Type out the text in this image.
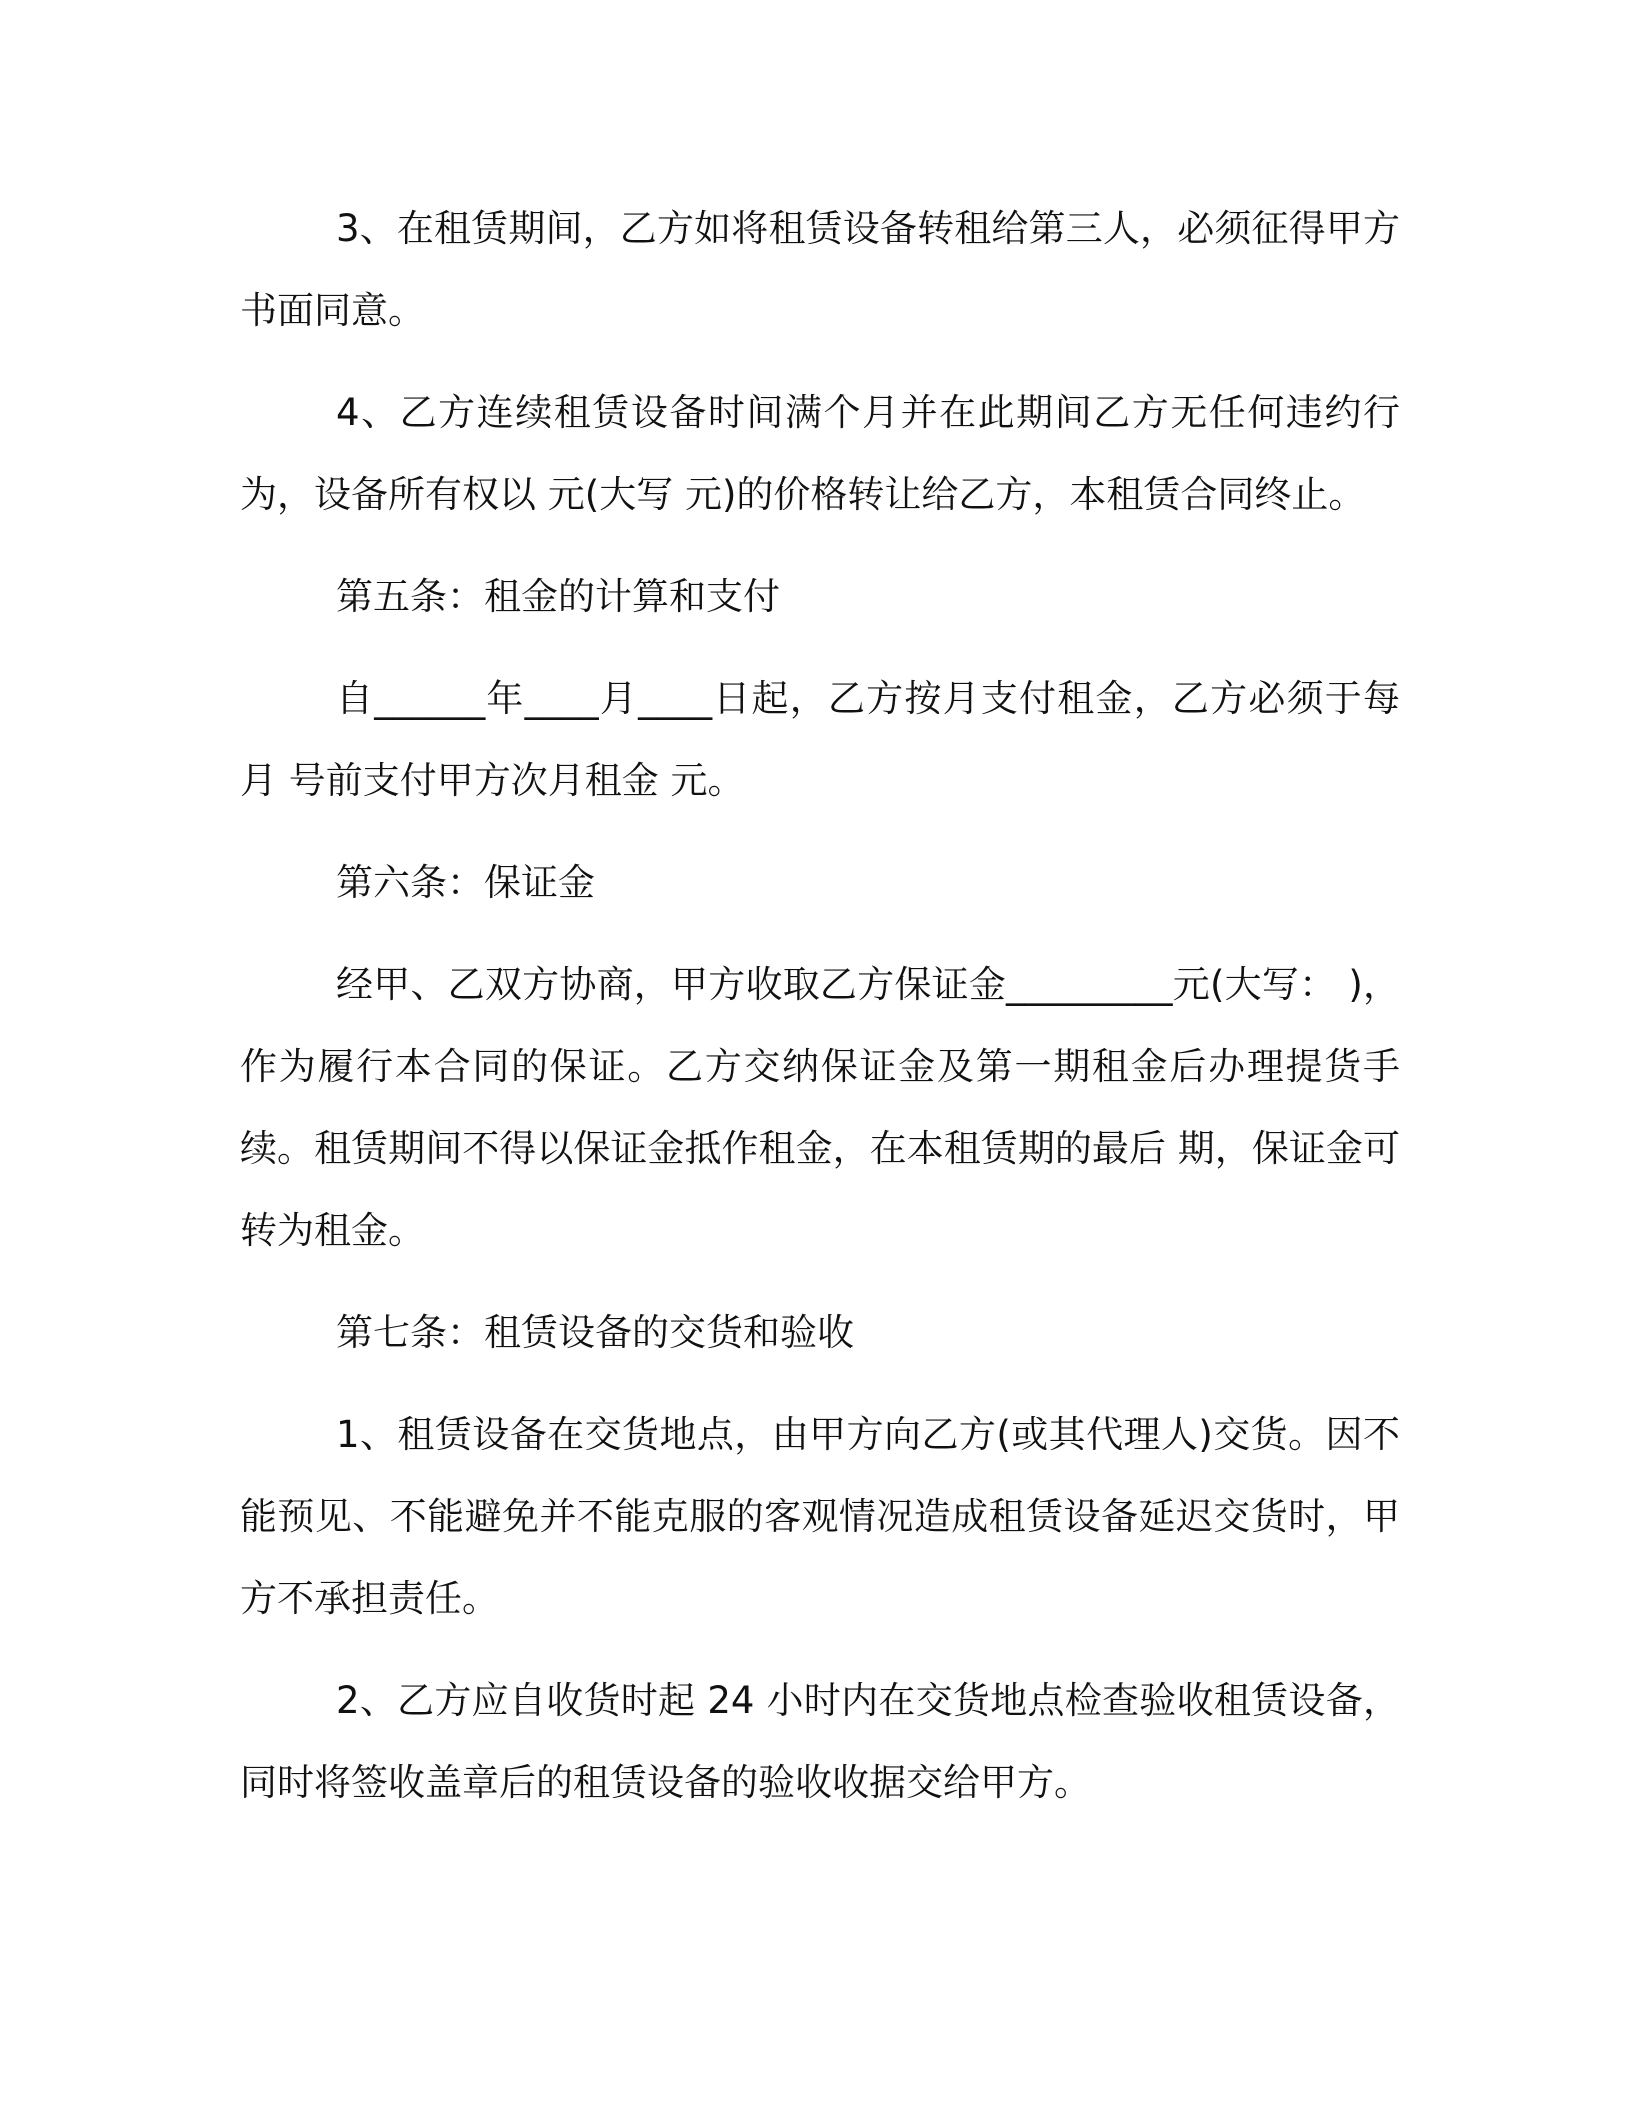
3、在租赁期间，乙方如将租赁设备转租给第三人，必须征得甲方书面同意。

4、乙方连续租赁设备时间满个月并在此期间乙方无任何违约行为，设备所有权以 元(大写 元)的价格转让给乙方，本租赁合同终止。

第五条：租金的计算和支付

自______年____月____日起，乙方按月支付租金，乙方必须于每月 号前支付甲方次月租金 元。

第六条：保证金

经甲、乙双方协商，甲方收取乙方保证金_________元(大写： )，作为履行本合同的保证。乙方交纳保证金及第一期租金后办理提货手续。租赁期间不得以保证金抵作租金，在本租赁期的最后 期，保证金可转为租金。

第七条：租赁设备的交货和验收

1、租赁设备在交货地点，由甲方向乙方(或其代理人)交货。因不能预见、不能避免并不能克服的客观情况造成租赁设备延迟交货时，甲方不承担责任。

2、乙方应自收货时起 24 小时内在交货地点检查验收租赁设备，同时将签收盖章后的租赁设备的验收收据交给甲方。
